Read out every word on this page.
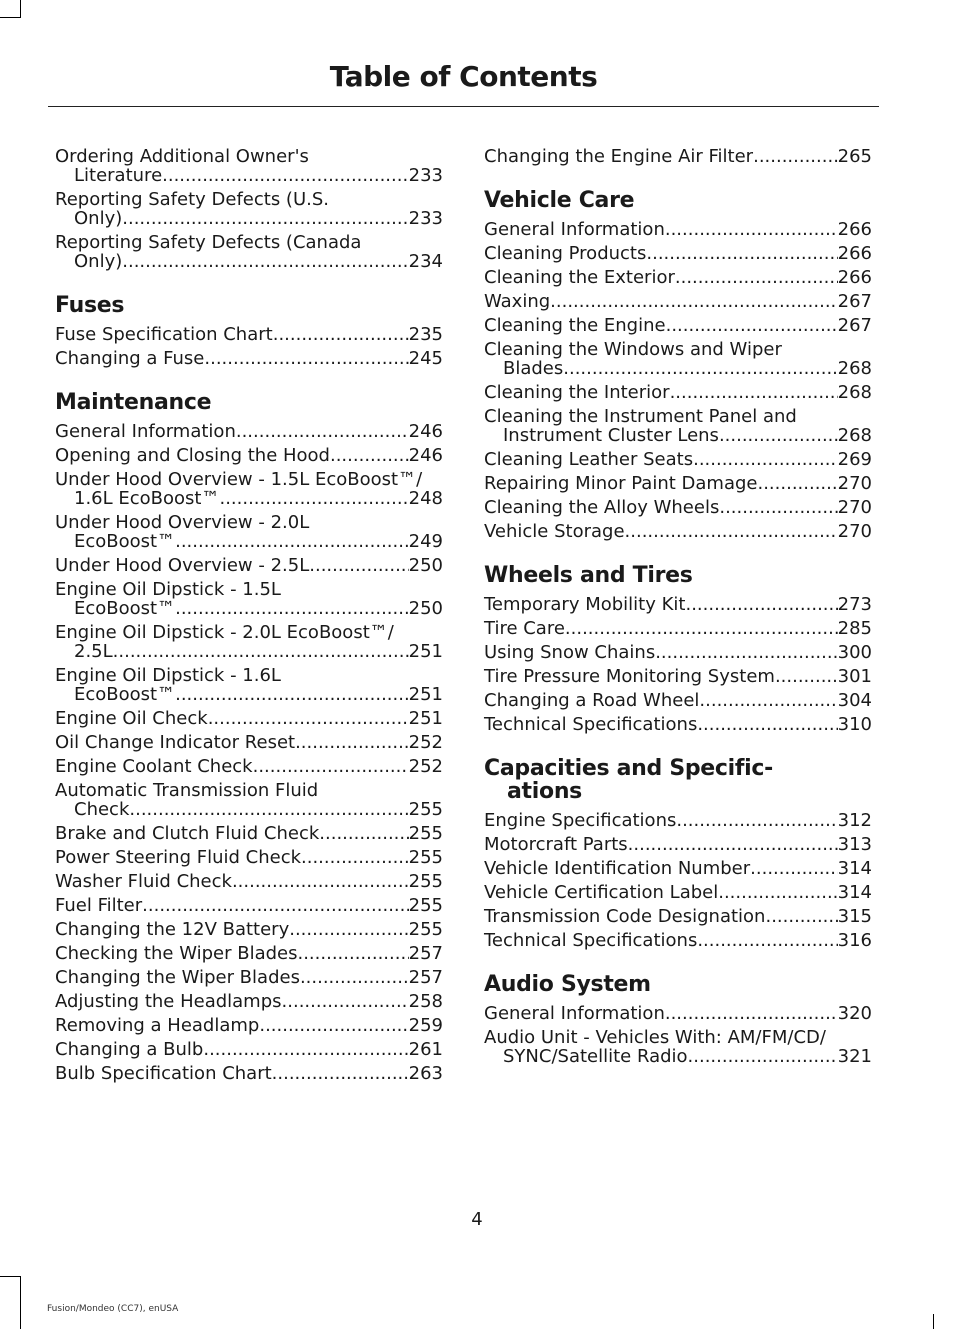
Table of Contents
Ordering Additional Owner's
Literature .....	233
Reporting Safety Defects (U.S.
Only) .....	233
Reporting Safety Defects (Canada
Only) .....	234
Fuses
Fuse Specification Chart .....	235
Changing a Fuse .....	245
Maintenance
General Information .....	246
Opening and Closing the Hood .....	246
Under Hood Overview - 1.5L EcoBoost™/
1.6L EcoBoost™ .....	248
Under Hood Overview - 2.0L
EcoBoost™ .....	249
Under Hood Overview - 2.5L .....	250
Engine Oil Dipstick - 1.5L
EcoBoost™ .....	250
Engine Oil Dipstick - 2.0L EcoBoost™/
2.5L .....	251
Engine Oil Dipstick - 1.6L
EcoBoost™ .....	251
Engine Oil Check .....	251
Oil Change Indicator Reset .....	252
Engine Coolant Check .....	252
Automatic Transmission Fluid
Check .....	255
Brake and Clutch Fluid Check .....	255
Power Steering Fluid Check .....	255
Washer Fluid Check .....	255
Fuel Filter .....	255
Changing the 12V Battery .....	255
Checking the Wiper Blades .....	257
Changing the Wiper Blades .....	257
Adjusting the Headlamps .....	258
Removing a Headlamp .....	259
Changing a Bulb .....	261
Bulb Specification Chart .....	263
Changing the Engine Air Filter .....	265
Vehicle Care
General Information .....	266
Cleaning Products .....	266
Cleaning the Exterior .....	266
Waxing .....	267
Cleaning the Engine .....	267
Cleaning the Windows and Wiper
Blades .....	268
Cleaning the Interior .....	268
Cleaning the Instrument Panel and
Instrument Cluster Lens .....	268
Cleaning Leather Seats .....	269
Repairing Minor Paint Damage .....	270
Cleaning the Alloy Wheels .....	270
Vehicle Storage .....	270
Wheels and Tires
Temporary Mobility Kit .....	273
Tire Care .....	285
Using Snow Chains .....	300
Tire Pressure Monitoring System .....	301
Changing a Road Wheel .....	304
Technical Specifications .....	310
Capacities and Specific-
ations
Engine Specifications .....	312
Motorcraft Parts .....	313
Vehicle Identification Number .....	314
Vehicle Certification Label .....	314
Transmission Code Designation .....	315
Technical Specifications .....	316
Audio System
General Information .....	320
Audio Unit - Vehicles With: AM/FM/CD/
SYNC/Satellite Radio .....	321
4
Fusion/Mondeo (CC7), enUSA
